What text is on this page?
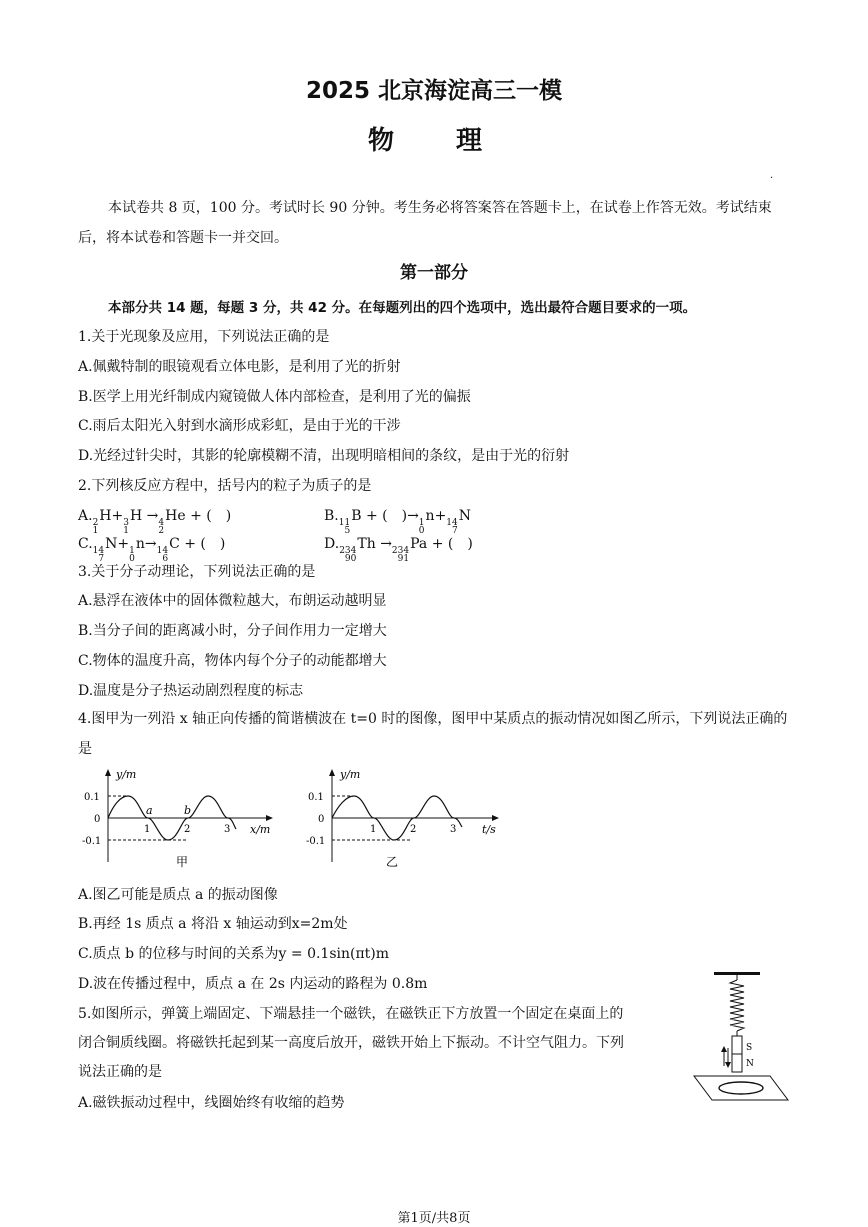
2025 北京海淀高三一模
物　理
.
本试卷共 8 页，100 分。考试时长 90 分钟。考生务必将答案答在答题卡上，在试卷上作答无效。考试结束后，将本试卷和答题卡一并交回。
第一部分
本部分共 14 题，每题 3 分，共 42 分。在每题列出的四个选项中，选出最符合题目要求的一项。
1.关于光现象及应用，下列说法正确的是
A.佩戴特制的眼镜观看立体电影，是利用了光的折射
B.医学上用光纤制成内窥镜做人体内部检查，是利用了光的偏振
C.雨后太阳光入射到水滴形成彩虹，是由于光的干涉
D.光经过针尖时，其影的轮廓模糊不清，出现明暗相间的条纹，是由于光的衍射
2.下列核反应方程中，括号内的粒子为质子的是
A. 2
1
H+ 3
1
H → 4
2
He + (　)	B. 11
5
B + (　)→ 1
0
n+ 14
7
N
C. 14
7
N+ 1
0
n→ 14
6
C + (　)	D. 234
90
Th → 234
91
Pa + (　)
3.关于分子动理论，下列说法正确的是
A.悬浮在液体中的固体微粒越大，布朗运动越明显
B.当分子间的距离减小时，分子间作用力一定增大
C.物体的温度升高，物体内每个分子的动能都增大
D.温度是分子热运动剧烈程度的标志
4.图甲为一列沿 x 轴正向传播的简谐横波在 t=0 时的图像，图甲中某质点的振动情况如图乙所示，下列说法正确的是
y/m
0.1
0
-0.1
1	2	3
a	b
x/m
甲
y/m
0.1
0
-0.1
1	2	3 t/s
乙
A.图乙可能是质点 a 的振动图像
B.再经 1s 质点 a 将沿 x 轴运动到x=2m处
C.质点 b 的位移与时间的关系为y = 0.1sin(πt)m
D.波在传播过程中，质点 a 在 2s 内运动的路程为 0.8m
5.如图所示，弹簧上端固定、下端悬挂一个磁铁，在磁铁正下方放置一个固定在桌面上的
闭合铜质线圈。将磁铁托起到某一高度后放开，磁铁开始上下振动。不计空气阻力。下列
说法正确的是
A.磁铁振动过程中，线圈始终有收缩的趋势
S
N
第1页/共8页
